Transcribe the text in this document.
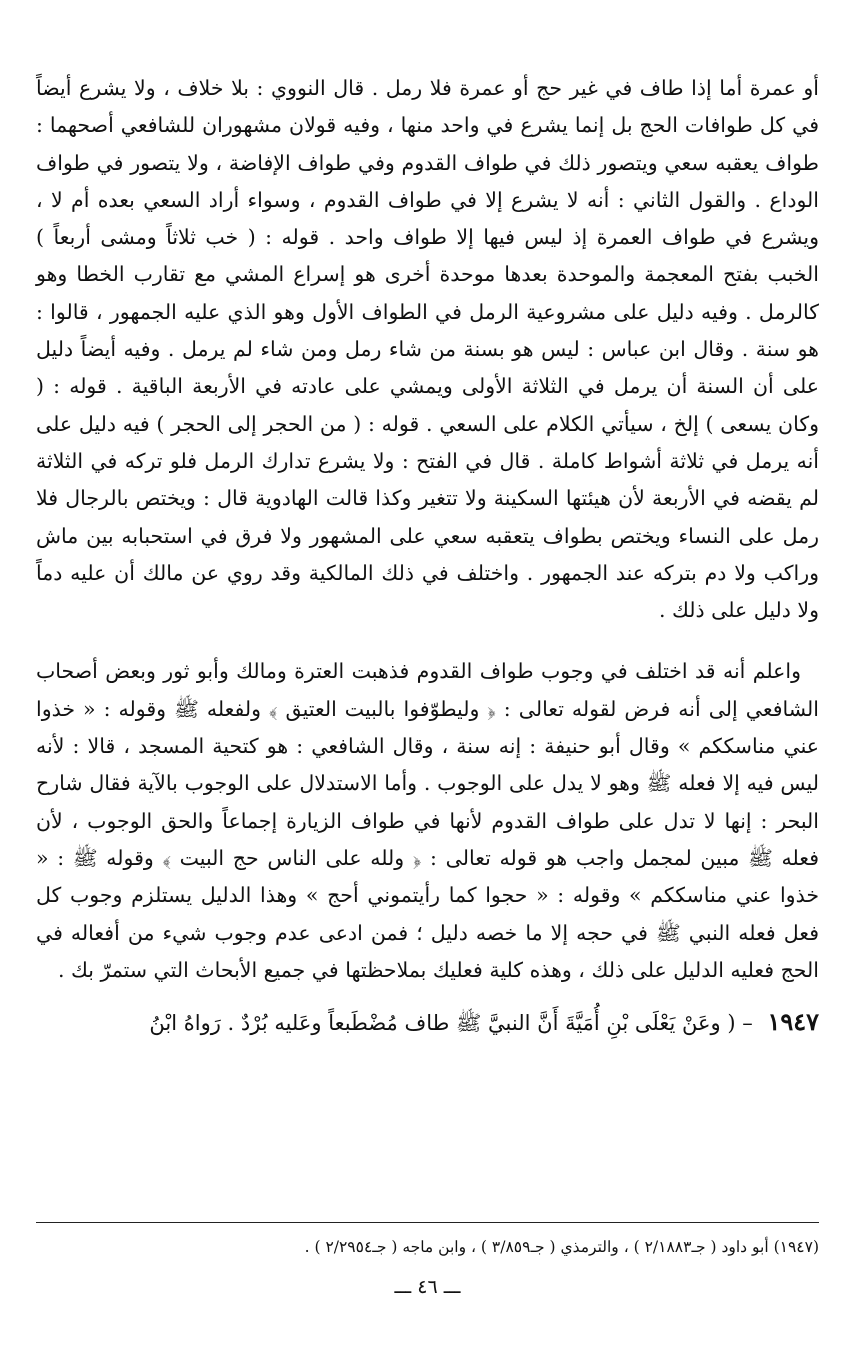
أو عمرة أما إذا طاف في غير حج أو عمرة فلا رمل . قال النووي : بلا خلاف ، ولا يشرع أيضاً في كل طوافات الحج بل إنما يشرع في واحد منها ، وفيه قولان مشهوران للشافعي أصحهما : طواف يعقبه سعي ويتصور ذلك في طواف القدوم وفي طواف الإفاضة ، ولا يتصور في طواف الوداع . والقول الثاني : أنه لا يشرع إلا في طواف القدوم ، وسواء أراد السعي بعده أم لا ، ويشرع في طواف العمرة إذ ليس فيها إلا طواف واحد . قوله : ( خب ثلاثاً ومشى أربعاً ) الخبب بفتح المعجمة والموحدة بعدها موحدة أخرى هو إسراع المشي مع تقارب الخطا وهو كالرمل . وفيه دليل على مشروعية الرمل في الطواف الأول وهو الذي عليه الجمهور ، قالوا : هو سنة . وقال ابن عباس : ليس هو بسنة من شاء رمل ومن شاء لم يرمل . وفيه أيضاً دليل على أن السنة أن يرمل في الثلاثة الأولى ويمشي على عادته في الأربعة الباقية . قوله : ( وكان يسعى ) إلخ ، سيأتي الكلام على السعي . قوله : ( من الحجر إلى الحجر ) فيه دليل على أنه يرمل في ثلاثة أشواط كاملة . قال في الفتح : ولا يشرع تدارك الرمل فلو تركه في الثلاثة لم يقضه في الأربعة لأن هيئتها السكينة ولا تتغير وكذا قالت الهادوية قال : ويختص بالرجال فلا رمل على النساء ويختص بطواف يتعقبه سعي على المشهور ولا فرق في استحبابه بين ماش وراكب ولا دم بتركه عند الجمهور . واختلف في ذلك المالكية وقد روي عن مالك أن عليه دماً ولا دليل على ذلك .

واعلم أنه قد اختلف في وجوب طواف القدوم فذهبت العترة ومالك وأبو ثور وبعض أصحاب الشافعي إلى أنه فرض لقوله تعالى : ﴿ وليطوّفوا بالبيت العتيق ﴾ ولفعله ﷺ وقوله : « خذوا عني مناسككم » وقال أبو حنيفة : إنه سنة ، وقال الشافعي : هو كتحية المسجد ، قالا : لأنه ليس فيه إلا فعله ﷺ وهو لا يدل على الوجوب . وأما الاستدلال على الوجوب بالآية فقال شارح البحر : إنها لا تدل على طواف القدوم لأنها في طواف الزيارة إجماعاً والحق الوجوب ، لأن فعله ﷺ مبين لمجمل واجب هو قوله تعالى : ﴿ ولله على الناس حج البيت ﴾ وقوله ﷺ : « خذوا عني مناسككم » وقوله : « حجوا كما رأيتموني أحج » وهذا الدليل يستلزم وجوب كل فعل فعله النبي ﷺ في حجه إلا ما خصه دليل ؛ فمن ادعى عدم وجوب شيء من أفعاله في الحج فعليه الدليل على ذلك ، وهذه كلية فعليك بملاحظتها في جميع الأبحاث التي ستمرّ بك .

١٩٤٧ – ( وعَنْ يَعْلَى بْنِ أُمَيَّةَ أَنَّ النبيَّ ﷺ طاف مُضْطَبعاً وعَليه بُرْدٌ . رَواهُ ابْنُ

(١٩٤٧) أبو داود ( جـ٢/١٨٨٣ ) ، والترمذي ( جـ٣/٨٥٩ ) ، وابن ماجه ( جـ٢/٢٩٥٤ ) .

ـــ ٤٦ ـــ
